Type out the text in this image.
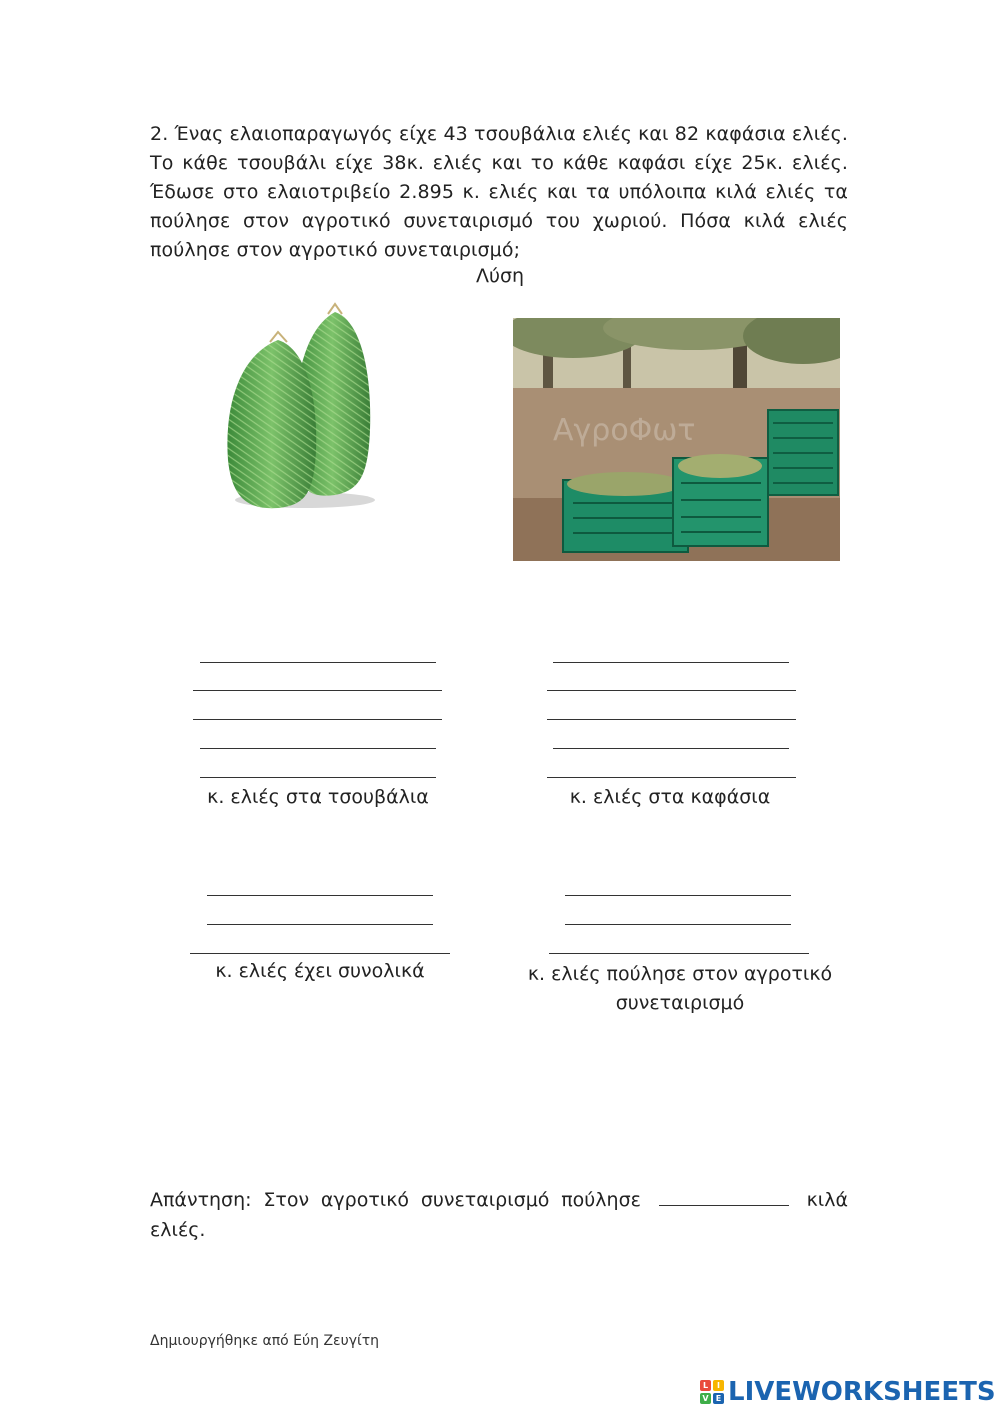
2. Ένας ελαιοπαραγωγός είχε 43 τσουβάλια ελιές και 82 καφάσια ελιές. Το κάθε τσουβάλι είχε 38κ. ελιές και το κάθε καφάσι είχε 25κ. ελιές. Έδωσε στο ελαιοτριβείο 2.895 κ. ελιές και τα υπόλοιπα κιλά ελιές τα πούλησε στον αγροτικό συνεταιρισμό του χωριού. Πόσα κιλά ελιές πούλησε στον αγροτικό συνεταιρισμό;
Λύση
ΑγροΦωτ
κ. ελιές στα τσουβάλια	κ. ελιές στα καφάσια
κ. ελιές έχει συνολικά	κ. ελιές πούλησε στον αγροτικό συνεταιρισμό
Απάντηση: Στον αγροτικό συνεταιρισμό πούλησε	κιλά ελιές.
Δημιουργήθηκε από Εύη Ζευγίτη
L	I
V E LIVEWORKSHEETS
